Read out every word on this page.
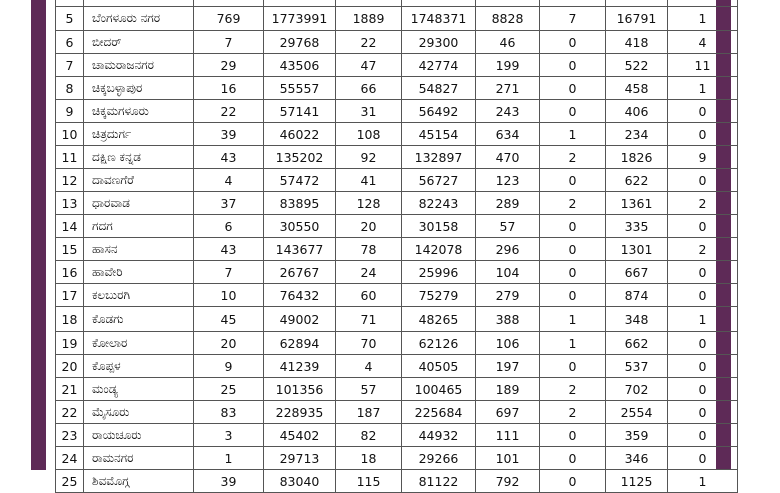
5	ಬೆಂಗಳೂರು ನಗರ	769	1773991	1889	1748371	8828	7	16791	1
6	ಬೀದರ್	7	29768	22	29300	46	0	418	4
7	ಚಾಮರಾಜನಗರ	29	43506	47	42774	199	0	522	11
8	ಚಿಕ್ಕಬಳ್ಳಾಪುರ	16	55557	66	54827	271	0	458	1
9	ಚಿಕ್ಕಮಗಳೂರು	22	57141	31	56492	243	0	406	0
10	ಚಿತ್ರದುರ್ಗ	39	46022	108	45154	634	1	234	0
11	ದಕ್ಷಿಣ ಕನ್ನಡ	43	135202	92	132897	470	2	1826	9
12	ದಾವಣಗೆರೆ	4	57472	41	56727	123	0	622	0
13	ಧಾರವಾಡ	37	83895	128	82243	289	2	1361	2
14	ಗದಗ	6	30550	20	30158	57	0	335	0
15	ಹಾಸನ	43	143677	78	142078	296	0	1301	2
16	ಹಾವೇರಿ	7	26767	24	25996	104	0	667	0
17	ಕಲಬುರಗಿ	10	76432	60	75279	279	0	874	0
18	ಕೊಡಗು	45	49002	71	48265	388	1	348	1
19	ಕೋಲಾರ	20	62894	70	62126	106	1	662	0
20	ಕೊಪ್ಪಳ	9	41239	4	40505	197	0	537	0
21	ಮಂಡ್ಯ	25	101356	57	100465	189	2	702	0
22	ಮೈಸೂರು	83	228935	187	225684	697	2	2554	0
23	ರಾಯಚೂರು	3	45402	82	44932	111	0	359	0
24	ರಾಮನಗರ	1	29713	18	29266	101	0	346	0
25	ಶಿವಮೊಗ್ಗ	39	83040	115	81122	792	0	1125	1
